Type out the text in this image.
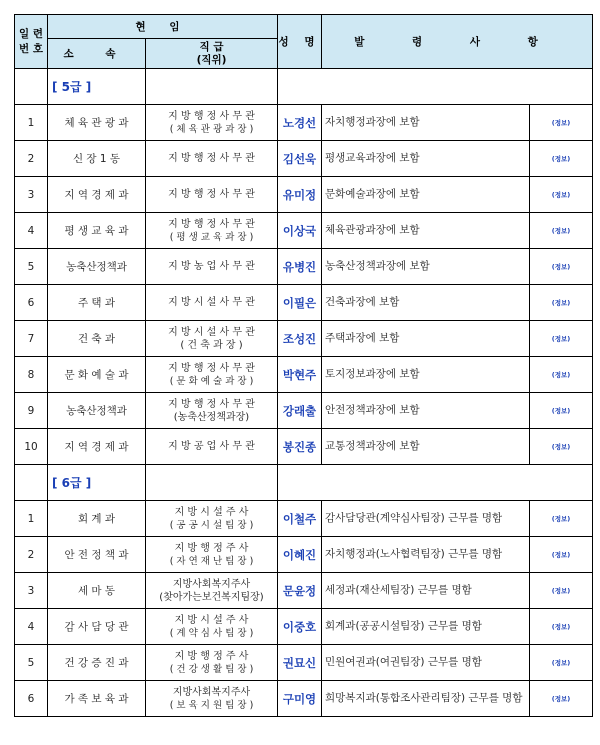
일 련
번 호	현 임		성 명	발 령 사 항	
	소 속	직 급
(직위)			
	[ 5급 ]				
1	체 육 관 광 과	지 방 행 정 사 무 관
( 체 육 관 광 과 장 )	노경선	자치행정과장에 보함	(정보)
2	신 장 1 동	지 방 행 정 사 무 관	김선욱	평생교육과장에 보함	(정보)
3	지 역 경 제 과	지 방 행 정 사 무 관	유미정	문화예술과장에 보함	(정보)
4	평 생 교 육 과	지 방 행 정 사 무 관
( 평 생 교 육 과 장 )	이상국	체육관광과장에 보함	(정보)
5	농축산정책과	지 방 농 업 사 무 관	유병진	농축산정책과장에 보함	(정보)
6	주 택 과	지 방 시 설 사 무 관	이필은	건축과장에 보함	(정보)
7	건 축 과	지 방 시 설 사 무 관
( 건 축 과 장 )	조성진	주택과장에 보함	(정보)
8	문 화 예 술 과	지 방 행 정 사 무 관
( 문 화 예 술 과 장 )	박현주	토지정보과장에 보함	(정보)
9	농축산정책과	지 방 행 정 사 무 관
(농축산정책과장)	강래출	안전정책과장에 보함	(정보)
10	지 역 경 제 과	지 방 공 업 사 무 관	봉진종	교통정책과장에 보함	(정보)
	[ 6급 ]				
1	회 계 과	지 방 시 설 주 사
( 공 공 시 설 팀 장 )	이철주	감사담당관(계약심사팀장) 근무를 명함	(정보)
2	안 전 정 책 과	지 방 행 정 주 사
( 자 연 재 난 팀 장 )	이혜진	자치행정과(노사협력팀장) 근무를 명함	(정보)
3	세 마 동	지방사회복지주사
(찾아가는보건복지팀장)	문윤정	세정과(재산세팀장) 근무를 명함	(정보)
4	감 사 담 당 관	지 방 시 설 주 사
( 계 약 심 사 팀 장 )	이중호	회계과(공공시설팀장) 근무를 명함	(정보)
5	건 강 증 진 과	지 방 행 정 주 사
( 건 강 생 활 팀 장 )	권묘신	민원여권과(여권팀장) 근무를 명함	(정보)
6	가 족 보 육 과	지방사회복지주사
( 보 육 지 원 팀 장 )	구미영	희망복지과(통합조사관리팀장) 근무를 명함	(정보)
